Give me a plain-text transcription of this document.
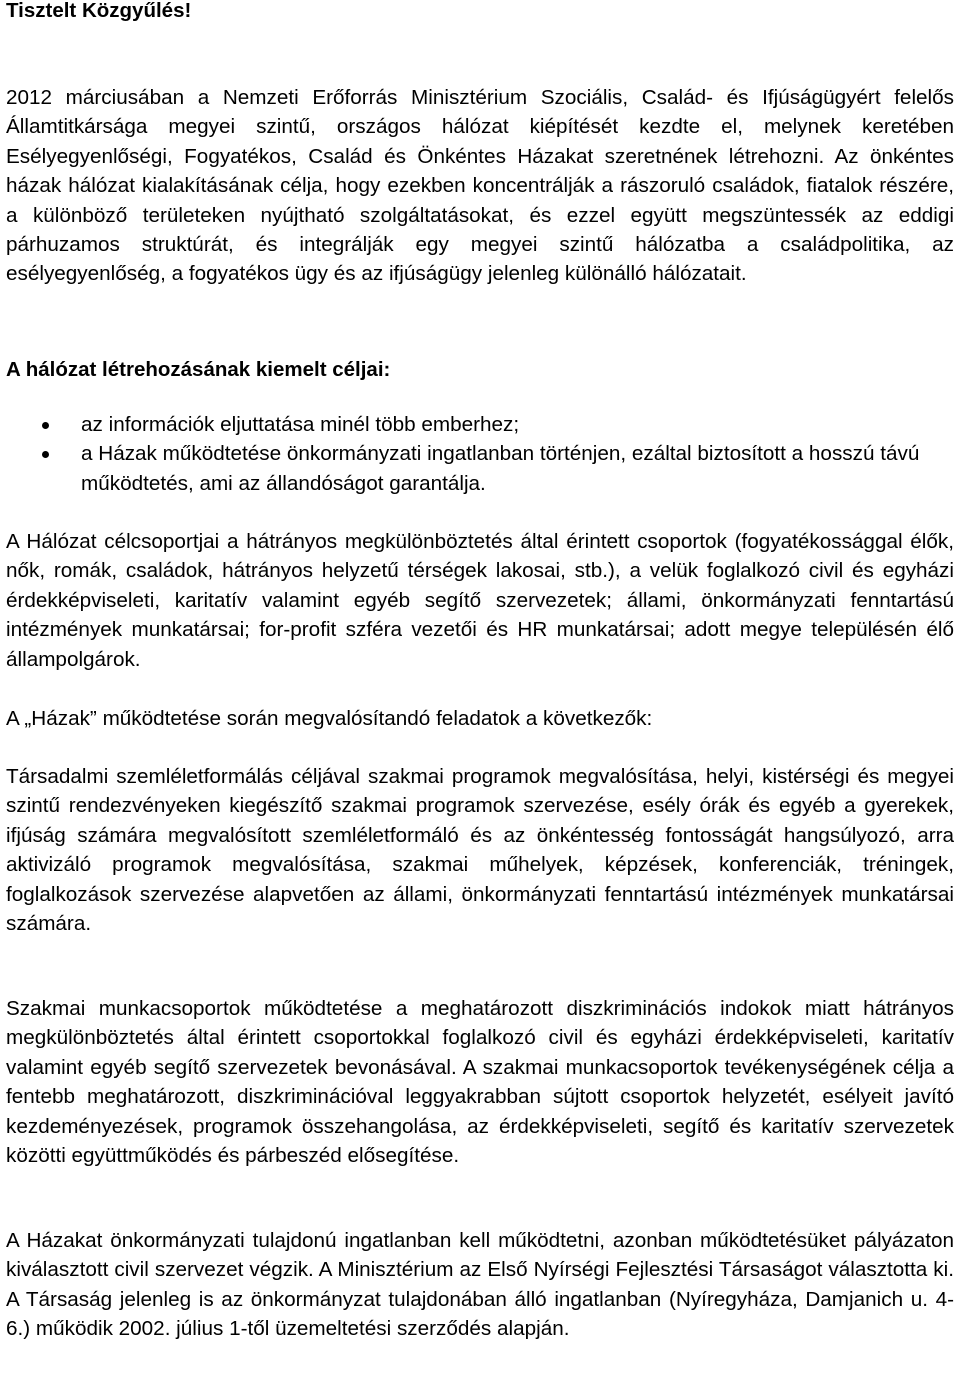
Tisztelt Közgyűlés!

2012 márciusában a Nemzeti Erőforrás Minisztérium Szociális, Család- és Ifjúságügyért felelős Államtitkársága megyei szintű, országos hálózat kiépítését kezdte el, melynek keretében Esélyegyenlőségi, Fogyatékos, Család és Önkéntes Házakat szeretnének létrehozni. Az önkéntes házak hálózat kialakításának célja, hogy ezekben koncentrálják a rászoruló családok, fiatalok részére, a különböző területeken nyújtható szolgáltatásokat, és ezzel együtt megszüntessék az eddigi párhuzamos struktúrát, és integrálják egy megyei szintű hálózatba a családpolitika, az esélyegyenlőség, a fogyatékos ügy és az ifjúságügy jelenleg különálló hálózatait.

A hálózat létrehozásának kiemelt céljai:
az információk eljuttatása minél több emberhez;
a Házak működtetése önkormányzati ingatlanban történjen, ezáltal biztosított a hosszú távú működtetés, ami az állandóságot garantálja.

A Hálózat célcsoportjai a hátrányos megkülönböztetés által érintett csoportok (fogyatékossággal élők, nők, romák, családok, hátrányos helyzetű térségek lakosai, stb.), a velük foglalkozó civil és egyházi érdekképviseleti, karitatív valamint egyéb segítő szervezetek; állami, önkormányzati fenntartású intézmények munkatársai; for-profit szféra vezetői és HR munkatársai; adott megye településén élő állampolgárok.

A „Házak” működtetése során megvalósítandó feladatok a következők:

Társadalmi szemléletformálás céljával szakmai programok megvalósítása, helyi, kistérségi és megyei szintű rendezvényeken kiegészítő szakmai programok szervezése, esély órák és egyéb a gyerekek, ifjúság számára megvalósított szemléletformáló és az önkéntesség fontosságát hangsúlyozó, arra aktivizáló programok megvalósítása, szakmai műhelyek, képzések, konferenciák, tréningek, foglalkozások szervezése alapvetően az állami, önkormányzati fenntartású intézmények munkatársai számára.

Szakmai munkacsoportok működtetése a meghatározott diszkriminációs indokok miatt hátrányos megkülönböztetés által érintett csoportokkal foglalkozó civil és egyházi érdekképviseleti, karitatív valamint egyéb segítő szervezetek bevonásával. A szakmai munkacsoportok tevékenységének célja a fentebb meghatározott, diszkriminációval leggyakrabban sújtott csoportok helyzetét, esélyeit javító kezdeményezések, programok összehangolása, az érdekképviseleti, segítő és karitatív szervezetek közötti együttműködés és párbeszéd elősegítése.

A Házakat önkormányzati tulajdonú ingatlanban kell működtetni, azonban működtetésüket pályázaton kiválasztott civil szervezet végzik. A Minisztérium az Első Nyírségi Fejlesztési Társaságot választotta ki. A Társaság jelenleg is az önkormányzat tulajdonában álló ingatlanban (Nyíregyháza, Damjanich u. 4-6.) működik 2002. július 1-től üzemeltetési szerződés alapján.
